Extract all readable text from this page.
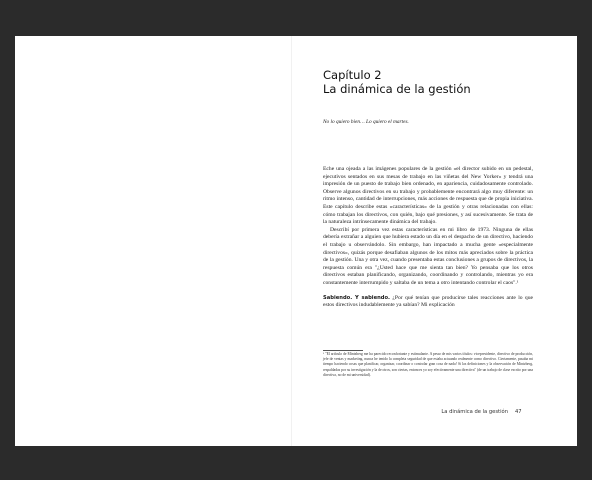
Capítulo 2
La dinámica de la gestión
No lo quiero bien… Lo quiero el martes.

Eche una ojeada a las imágenes populares de la gestión «el director subido en un pedestal, ejecutivos sentados en sus mesas de trabajo en las viñetas del New Yorker» y tendrá una impresión de un puesto de trabajo bien ordenado, en apariencia, cuidadosamente controlado. Observe algunos directivos en su trabajo y probablemente encontrará algo muy diferente: un ritmo intenso, cantidad de interrupciones, más acciones de respuesta que de propia iniciativa. Este capítulo describe estas «características» de la gestión y otras relacionadas con ellas: cómo trabajan los directivos, con quién, bajo qué presiones, y así sucesivamente. Se trata de la naturaleza intrínsecamente dinámica del trabajo.

Describí por primera vez estas características en mi libro de 1973. Ninguna de ellas debería extrañar a alguien que hubiera estado un día en el despacho de un directivo, haciendo el trabajo u observándolo. Sin embargo, han impactado a mucha gente «especialmente directivos», quizás porque desafiaban algunos de los mitos más apreciados sobre la práctica de la gestión. Una y otra vez, cuando presentaba estas conclusiones a grupos de directivos, la respuesta común era "¿Usted hace que me sienta tan bien? Yo pensaba que los otros directivos estaban planificando, organizando, coordinando y controlando, mientras yo era constantemente interrumpido y saltaba de un tema a otro intentando controlar el caos".¹

Sabiendo. Y sabiendo. ¿Por qué tenían que producirse tales reacciones ante lo que estos directivos indudablemente ya sabían? Mi explicación

¹ "El artículo de Mintzberg me ha parecido reconfortante y estimulante. A pesar de mis varios títulos: vicepresidente, directivo de producción, jefe de ventas y marketing, nunca he tenido la completa seguridad de que estaba actuando realmente como directivo. Ciertamente, pasaba mi tiempo haciendo cosas que planificar, organizar, coordinar o controlar gran cosa de nada! Si las definiciones y la observación de Mintzberg, respaldadas por su investigación y la de otros, son ciertas, entonces yo soy efectivamente una directiva" (de un trabajo de clase escrito por una directiva, no de mi universidad).
La dinámica de la gestión 47
